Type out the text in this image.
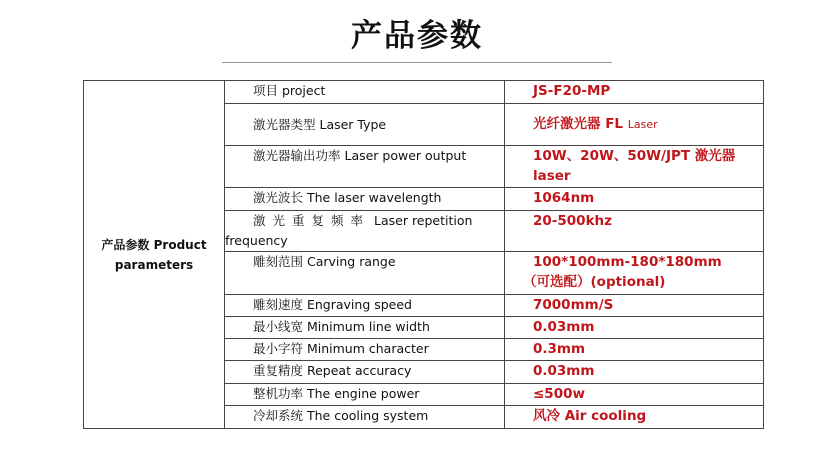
产品参数
产品参数 Product
parameters	项目 project	JS-F20-MP
	激光器类型 Laser Type	光纤激光器 FL Laser
	激光器输出功率 Laser power output	10W、20W、50W/JPT 激光器 laser
	激光波长 The laser wavelength	1064nm

	激光重复频率 Laser repetition
frequency	20-500khz
	雕刻范围 Carving range	100*100mm-180*180mm
（可选配）(optional)

	雕刻速度 Engraving speed	7000mm/S
	最小线宽 Minimum line width	0.03mm
	最小字符 Minimum character	0.3mm
	重复精度 Repeat accuracy	0.03mm
	整机功率 The engine power	≤500w
	冷却系统 The cooling system	风冷 Air cooling
